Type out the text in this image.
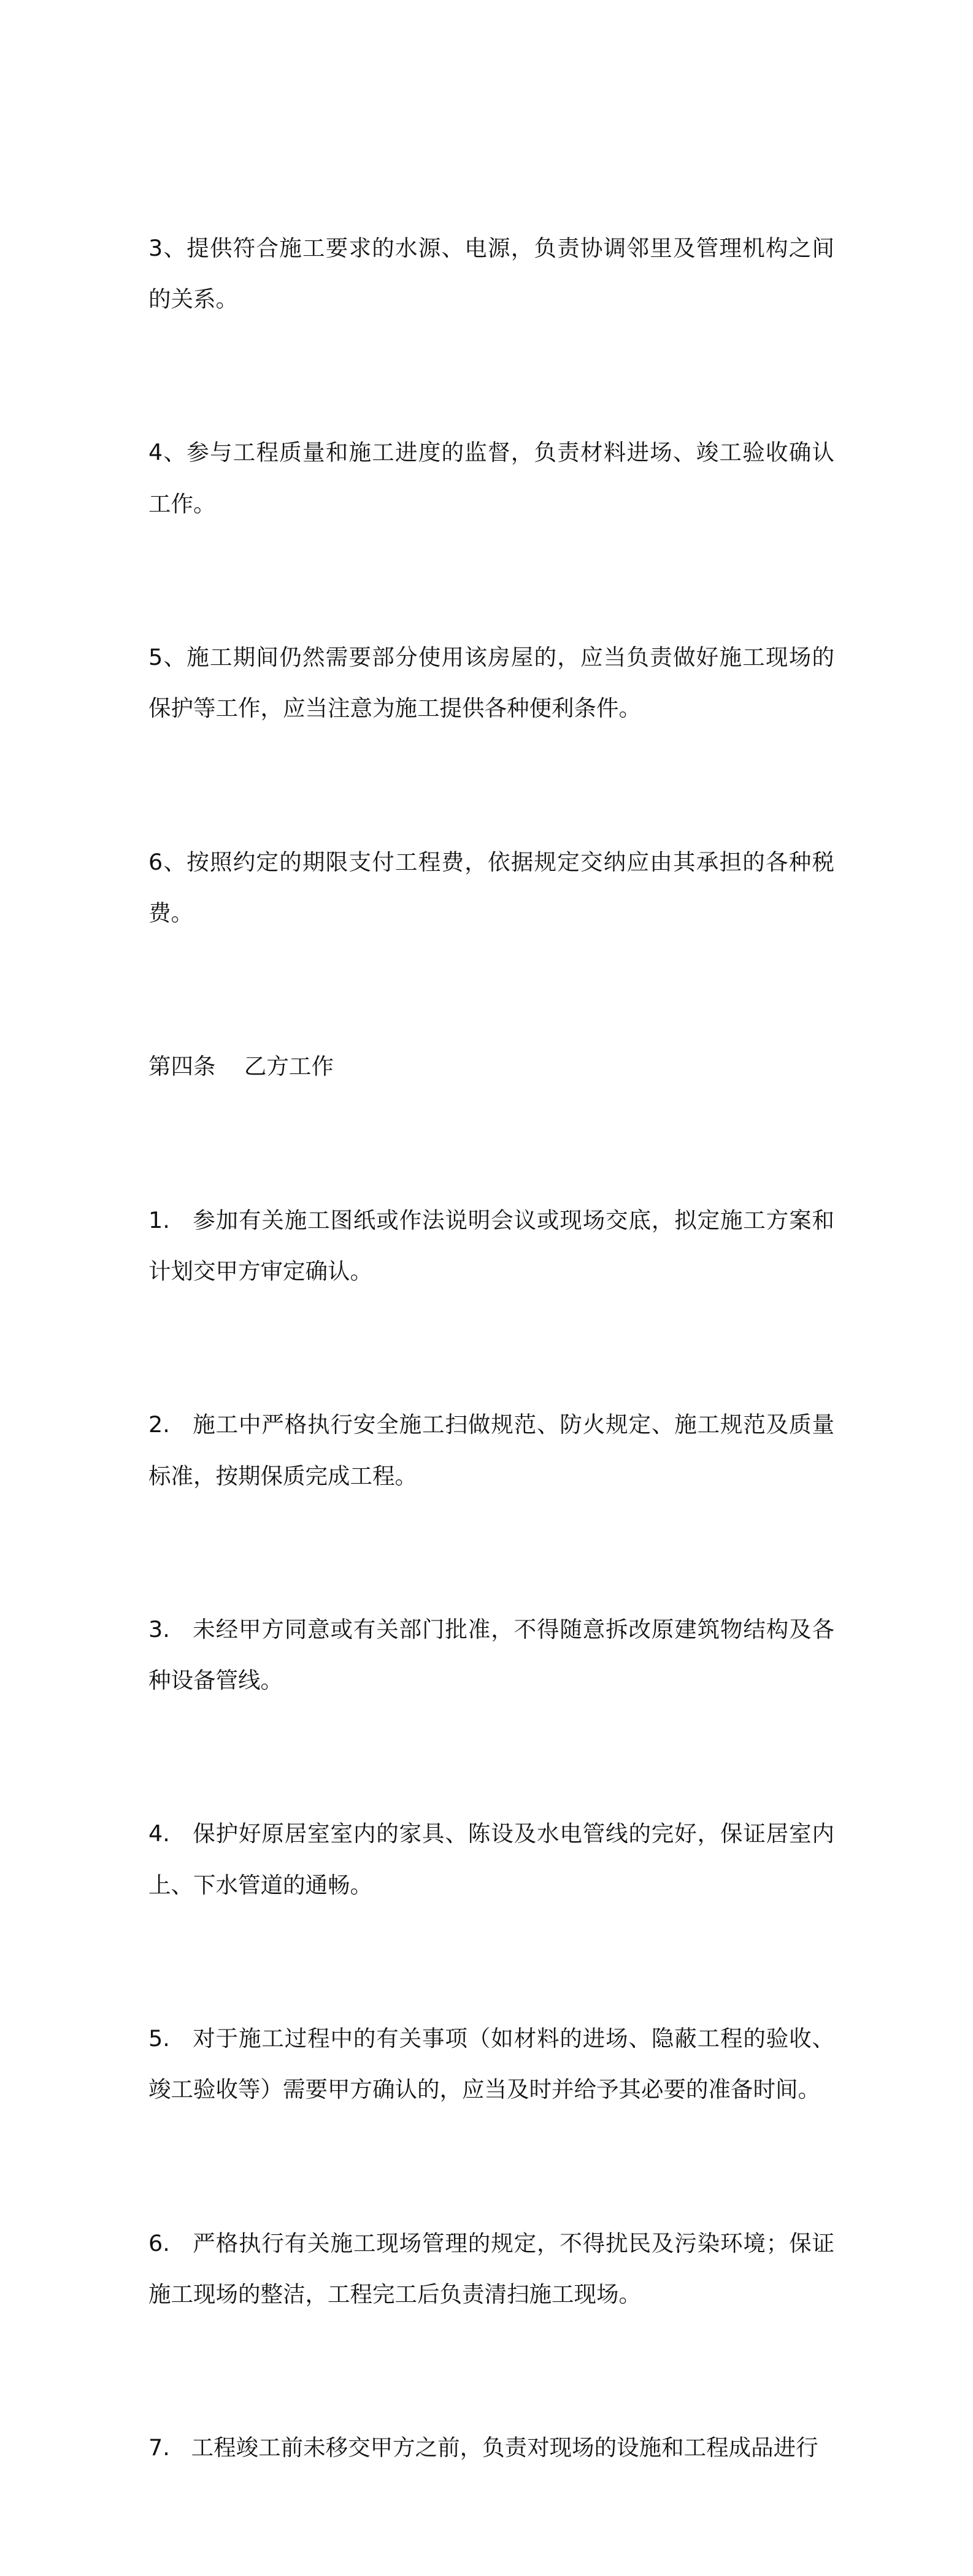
3、提供符合施工要求的水源、电源，负责协调邻里及管理机构之间的关系。

4、参与工程质量和施工进度的监督，负责材料进场、竣工验收确认工作。

5、施工期间仍然需要部分使用该房屋的，应当负责做好施工现场的保护等工作，应当注意为施工提供各种便利条件。

6、按照约定的期限支付工程费，依据规定交纳应由其承担的各种税费。

第四条    乙方工作

1.   参加有关施工图纸或作法说明会议或现场交底，拟定施工方案和计划交甲方审定确认。

2.   施工中严格执行安全施工扫做规范、防火规定、施工规范及质量标准，按期保质完成工程。

3.   未经甲方同意或有关部门批准，不得随意拆改原建筑物结构及各种设备管线。

4.   保护好原居室室内的家具、陈设及水电管线的完好，保证居室内上、下水管道的通畅。

5.   对于施工过程中的有关事项（如材料的进场、隐蔽工程的验收、竣工验收等）需要甲方确认的，应当及时并给予其必要的准备时间。

6.   严格执行有关施工现场管理的规定，不得扰民及污染环境；保证施工现场的整洁，工程完工后负责清扫施工现场。

7.   工程竣工前未移交甲方之前，负责对现场的设施和工程成品进行
